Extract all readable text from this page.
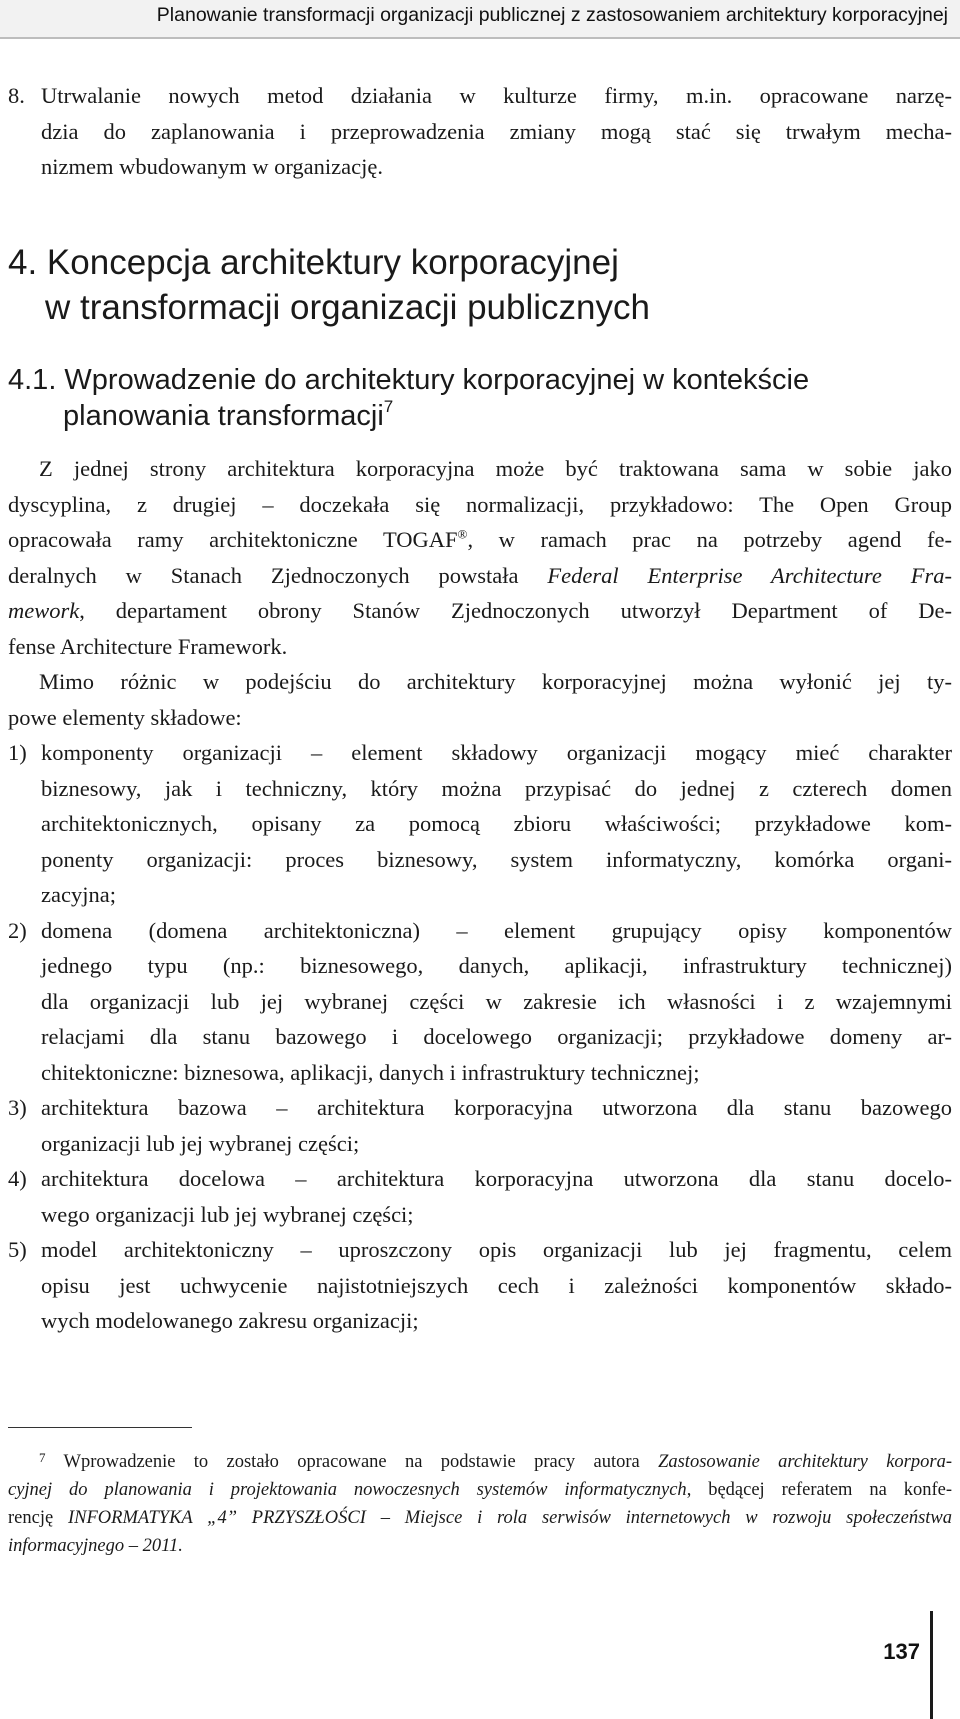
Planowanie transformacji organizacji publicznej z zastosowaniem architektury korporacyjnej
8. Utrwalanie nowych metod działania w kulturze firmy, m.in. opracowane narzę-
dzia do zaplanowania i przeprowadzenia zmiany mogą stać się trwałym mecha-
nizmem wbudowanym w organizację.
4. Koncepcja architektury korporacyjnej
w transformacji organizacji publicznych
4.1. Wprowadzenie do architektury korporacyjnej w kontekście
planowania transformacji$^7$
Z jednej strony architektura korporacyjna może być traktowana sama w sobie jako
dyscyplina, z drugiej – doczekała się normalizacji, przykładowo: The Open Group
opracowała ramy architektoniczne TOGAF®, w ramach prac na potrzeby agend fe-
deralnych w Stanach Zjednoczonych powstała Federal Enterprise Architecture Fra-
mework, departament obrony Stanów Zjednoczonych utworzył Department of De-
fense Architecture Framework.
Mimo różnic w podejściu do architektury korporacyjnej można wyłonić jej ty-
powe elementy składowe:
1) komponenty organizacji – element składowy organizacji mogący mieć charakter
biznesowy, jak i techniczny, który można przypisać do jednej z czterech domen
architektonicznych, opisany za pomocą zbioru właściwości; przykładowe kom-
ponenty organizacji: proces biznesowy, system informatyczny, komórka organi-
zacyjna;
2) domena (domena architektoniczna) – element grupujący opisy komponentów
jednego typu (np.: biznesowego, danych, aplikacji, infrastruktury technicznej)
dla organizacji lub jej wybranej części w zakresie ich własności i z wzajemnymi
relacjami dla stanu bazowego i docelowego organizacji; przykładowe domeny ar-
chitektoniczne: biznesowa, aplikacji, danych i infrastruktury technicznej;
3) architektura bazowa – architektura korporacyjna utworzona dla stanu bazowego
organizacji lub jej wybranej części;
4) architektura docelowa – architektura korporacyjna utworzona dla stanu docelo-
wego organizacji lub jej wybranej części;
5) model architektoniczny – uproszczony opis organizacji lub jej fragmentu, celem
opisu jest uchwycenie najistotniejszych cech i zależności komponentów składo-
wych modelowanego zakresu organizacji;
$^7$ Wprowadzenie to zostało opracowane na podstawie pracy autora Zastosowanie architektury korpora-
cyjnej do planowania i projektowania nowoczesnych systemów informatycznych, będącej referatem na konfe-
rencję INFORMATYKA „4” PRZYSZŁOŚCI – Miejsce i rola serwisów internetowych w rozwoju społeczeństwa
informacyjnego – 2011.
137
